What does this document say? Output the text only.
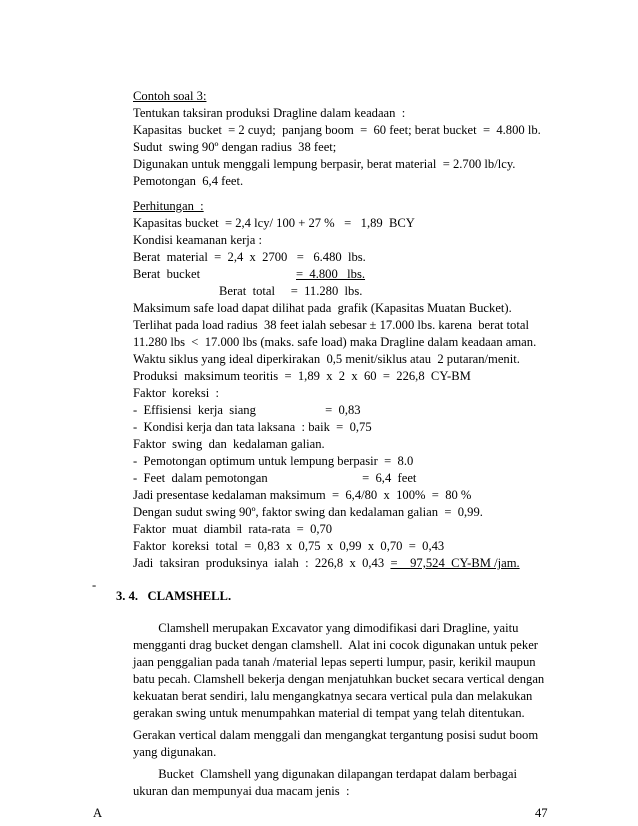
Contoh soal 3:
Tentukan taksiran produksi Dragline dalam keadaan  :
Kapasitas  bucket  = 2 cuyd;  panjang boom  =  60 feet; berat bucket  =  4.800 lb.
Sudut  swing 90º dengan radius  38 feet;
Digunakan untuk menggali lempung berpasir, berat material  = 2.700 lb/lcy.
Pemotongan  6,4 feet.
Perhitungan  :
Kapasitas bucket  = 2,4 lcy/ 100 + 27 %   =   1,89  BCY
Kondisi keamanan kerja :
Berat  material  =  2,4  x  2700   =   6.480  lbs.
Berat  bucket	=  4.800   lbs.
Berat  total     =  11.280  lbs.
Maksimum safe load dapat dilihat pada  grafik (Kapasitas Muatan Bucket).
Terlihat pada load radius  38 feet ialah sebesar ± 17.000 lbs. karena  berat total
11.280 lbs  <  17.000 lbs (maks. safe load) maka Dragline dalam keadaan aman.
Waktu siklus yang ideal diperkirakan  0,5 menit/siklus atau  2 putaran/menit.
Produksi  maksimum teoritis  =  1,89  x  2  x  60  =  226,8  CY-BM
Faktor  koreksi  :
-  Effisiensi  kerja  siang                      =  0,83
-  Kondisi kerja dan tata laksana  : baik  =  0,75
Faktor  swing  dan  kedalaman galian.
-  Pemotongan optimum untuk lempung berpasir  =  8.0
-  Feet  dalam pemotongan                              =  6,4  feet
Jadi presentase kedalaman maksimum  =  6,4/80  x  100%  =  80 %
Dengan sudut swing 90º, faktor swing dan kedalaman galian  =  0,99.
Faktor  muat  diambil  rata-rata  =  0,70
Faktor  koreksi  total  =  0,83  x  0,75  x  0,99  x  0,70  =  0,43
Jadi  taksiran  produksinya  ialah  :  226,8  x  0,43  =    97,524  CY-BM /jam.
-
3. 4.   CLAMSHELL.
Clamshell merupakan Excavator yang dimodifikasi dari Dragline, yaitu
mengganti drag bucket dengan clamshell.  Alat ini cocok digunakan untuk peker
jaan penggalian pada tanah /material lepas seperti lumpur, pasir, kerikil maupun
batu pecah. Clamshell bekerja dengan menjatuhkan bucket secara vertical dengan
kekuatan berat sendiri, lalu mengangkatnya secara vertical pula dan melakukan
gerakan swing untuk menumpahkan material di tempat yang telah ditentukan.
Gerakan vertical dalam menggali dan mengangkat tergantung posisi sudut boom
yang digunakan.
Bucket  Clamshell yang digunakan dilapangan terdapat dalam berbagai
ukuran dan mempunyai dua macam jenis  :
A	47
